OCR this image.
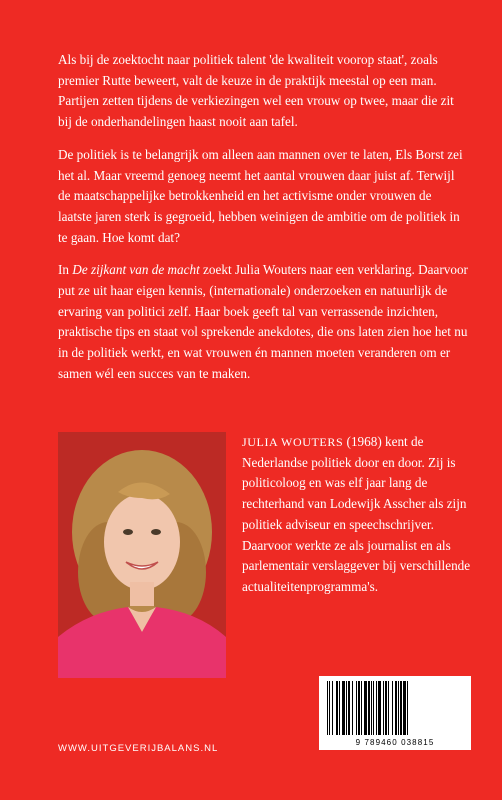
Als bij de zoektocht naar politiek talent 'de kwaliteit voorop staat', zoals premier Rutte beweert, valt de keuze in de praktijk meestal op een man. Partijen zetten tijdens de verkiezingen wel een vrouw op twee, maar die zit bij de onderhandelingen haast nooit aan tafel.

De politiek is te belangrijk om alleen aan mannen over te laten, Els Borst zei het al. Maar vreemd genoeg neemt het aantal vrouwen daar juist af. Terwijl de maatschappelijke betrokkenheid en het activisme onder vrouwen de laatste jaren sterk is gegroeid, hebben weinigen de ambitie om de politiek in te gaan. Hoe komt dat?

In De zijkant van de macht zoekt Julia Wouters naar een verklaring. Daarvoor put ze uit haar eigen kennis, (internationale) onderzoeken en natuurlijk de ervaring van politici zelf. Haar boek geeft tal van verrassende inzichten, praktische tips en staat vol sprekende anekdotes, die ons laten zien hoe het nu in de politiek werkt, en wat vrouwen én mannen moeten veranderen om er samen wél een succes van te maken.

JULIA WOUTERS (1968) kent de Nederlandse politiek door en door. Zij is politicoloog en was elf jaar lang de rechterhand van Lodewijk Asscher als zijn politiek adviseur en speechschrijver. Daarvoor werkte ze als journalist en als parlementair verslaggever bij verschillende actualiteitenprogramma's.

9 789460 038815
WWW.UITGEVERIJBALANS.NL
